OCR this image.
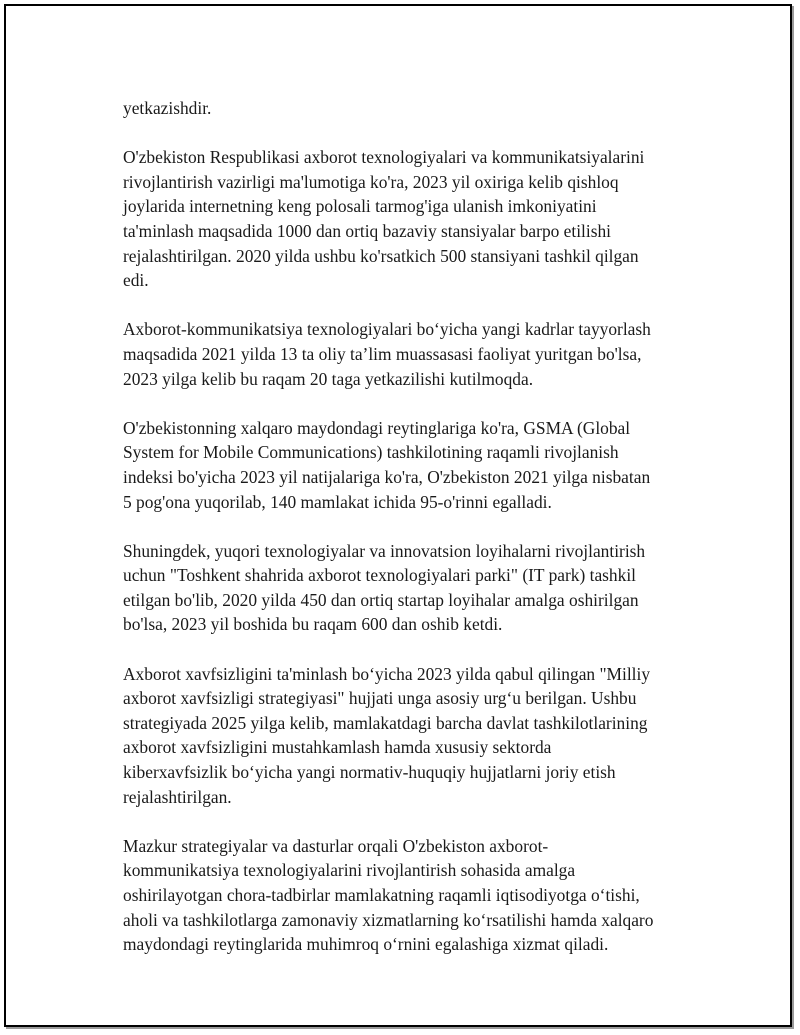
yetkazishdir.

O'zbekiston Respublikasi axborot texnologiyalari va kommunikatsiyalarini
rivojlantirish vazirligi ma'lumotiga ko'ra, 2023 yil oxiriga kelib qishloq
joylarida internetning keng polosali tarmog'iga ulanish imkoniyatini
ta'minlash maqsadida 1000 dan ortiq bazaviy stansiyalar barpo etilishi
rejalashtirilgan. 2020 yilda ushbu ko'rsatkich 500 stansiyani tashkil qilgan
edi.

Axborot-kommunikatsiya texnologiyalari bo‘yicha yangi kadrlar tayyorlash
maqsadida 2021 yilda 13 ta oliy ta’lim muassasasi faoliyat yuritgan bo'lsa,
2023 yilga kelib bu raqam 20 taga yetkazilishi kutilmoqda.

O'zbekistonning xalqaro maydondagi reytinglariga ko'ra, GSMA (Global
System for Mobile Communications) tashkilotining raqamli rivojlanish
indeksi bo'yicha 2023 yil natijalariga ko'ra, O'zbekiston 2021 yilga nisbatan
5 pog'ona yuqorilab, 140 mamlakat ichida 95-o'rinni egalladi.

Shuningdek, yuqori texnologiyalar va innovatsion loyihalarni rivojlantirish
uchun "Toshkent shahrida axborot texnologiyalari parki" (IT park) tashkil
etilgan bo'lib, 2020 yilda 450 dan ortiq startap loyihalar amalga oshirilgan
bo'lsa, 2023 yil boshida bu raqam 600 dan oshib ketdi.

Axborot xavfsizligini ta'minlash bo‘yicha 2023 yilda qabul qilingan "Milliy
axborot xavfsizligi strategiyasi" hujjati unga asosiy urg‘u berilgan. Ushbu
strategiyada 2025 yilga kelib, mamlakatdagi barcha davlat tashkilotlarining
axborot xavfsizligini mustahkamlash hamda xususiy sektorda
kiberxavfsizlik bo‘yicha yangi normativ-huquqiy hujjatlarni joriy etish
rejalashtirilgan.

Mazkur strategiyalar va dasturlar orqali O'zbekiston axborot-
kommunikatsiya texnologiyalarini rivojlantirish sohasida amalga
oshirilayotgan chora-tadbirlar mamlakatning raqamli iqtisodiyotga o‘tishi,
aholi va tashkilotlarga zamonaviy xizmatlarning ko‘rsatilishi hamda xalqaro
maydondagi reytinglarida muhimroq o‘rnini egalashiga xizmat qiladi.
